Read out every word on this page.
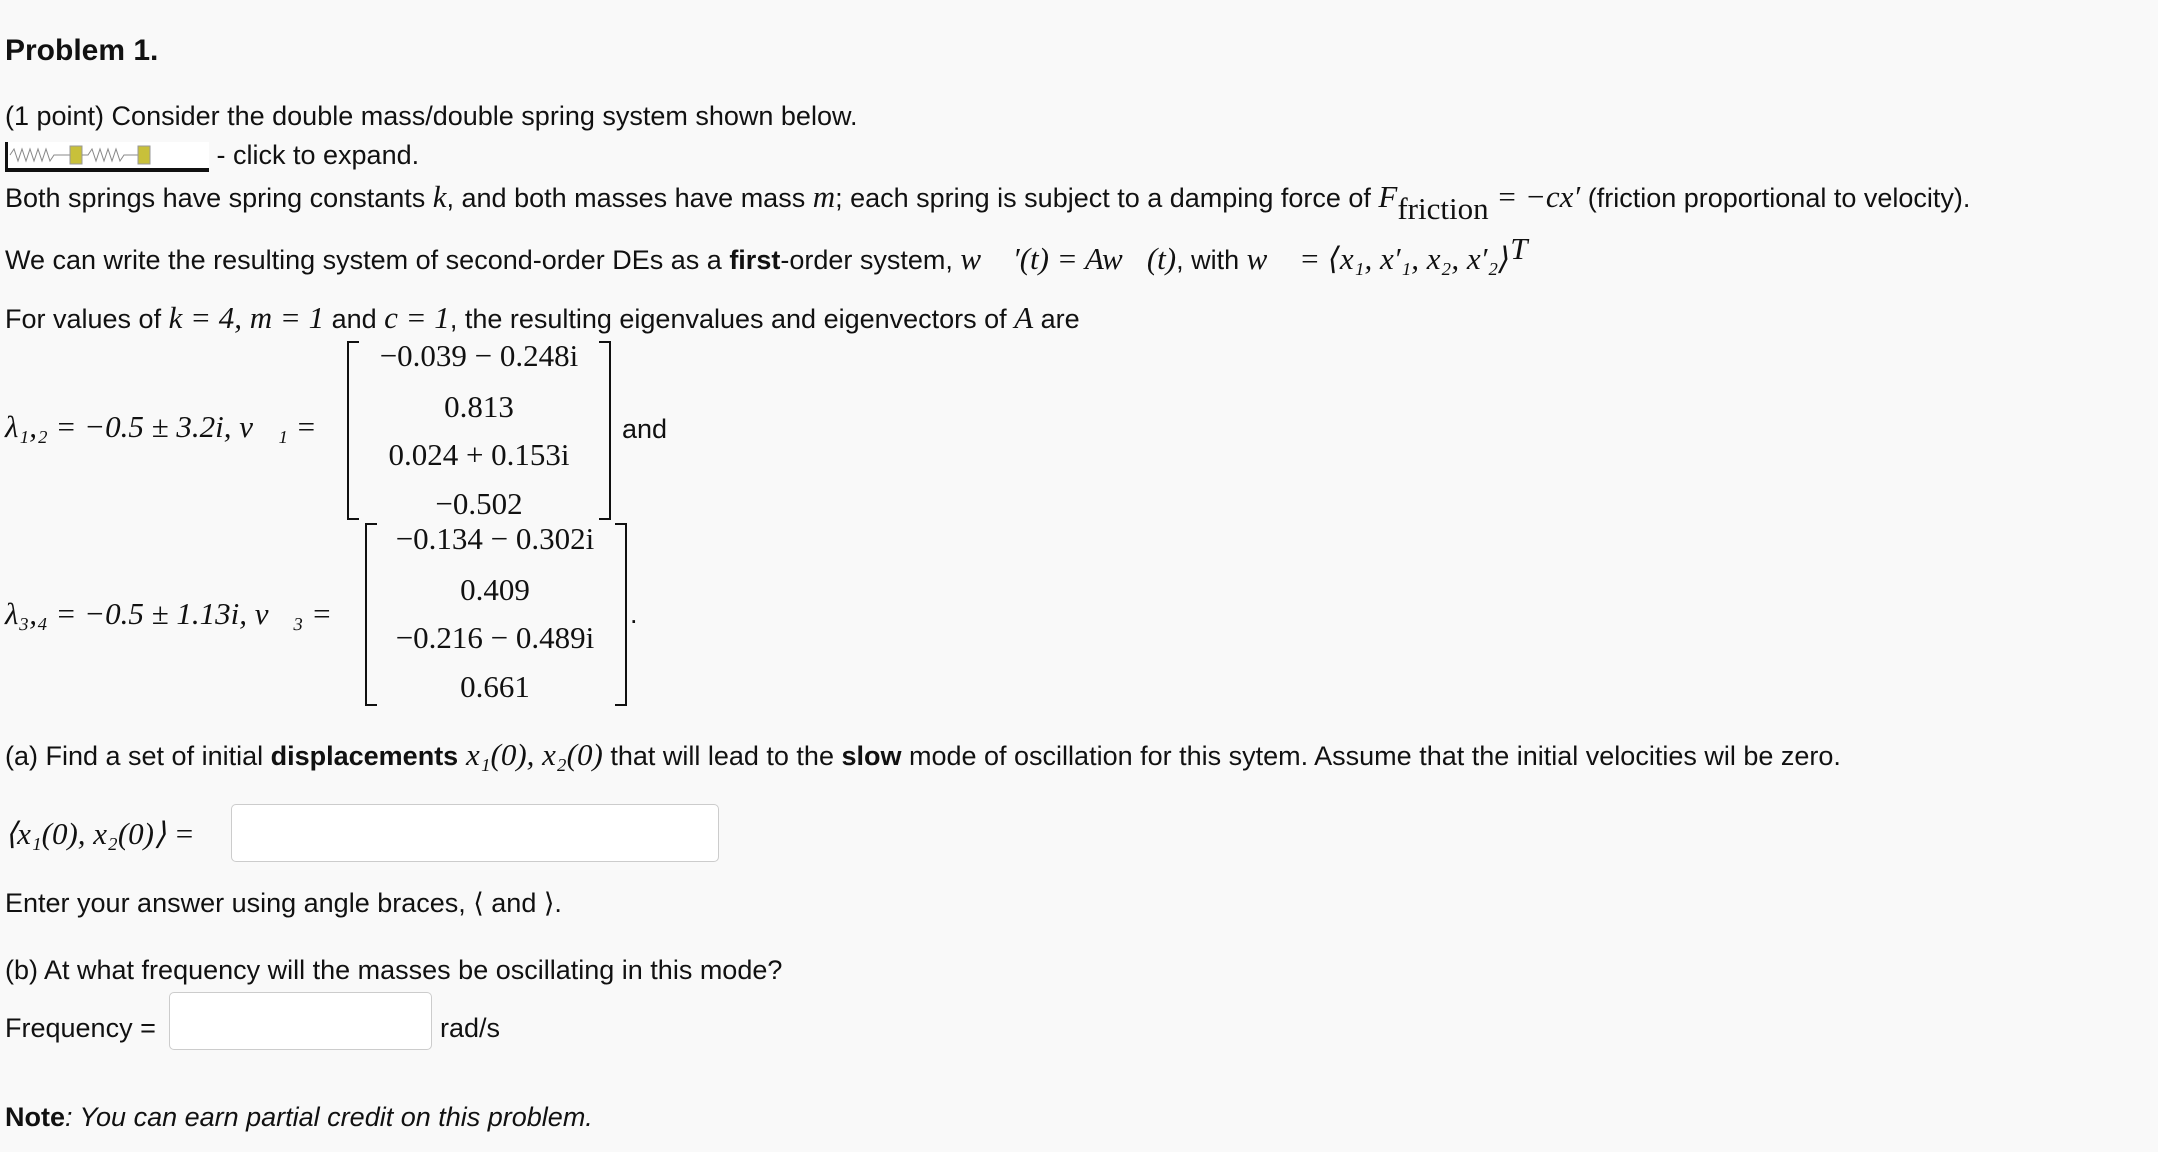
Problem 1.
(1 point) Consider the double mass/double spring system shown below.
- click to expand.
Both springs have spring constants k, and both masses have mass m; each spring is subject to a damping force of $F_{friction} = -cx'$ (friction proportional to velocity).
We can write the resulting system of second-order DEs as a first-order system, w⃗ ′(t) = Aw⃗(t), with w⃗ = ⟨x₁, x′₁, x₂, x′₂⟩$^T$
For values of k = 4, m = 1 and c = 1, the resulting eigenvalues and eigenvectors of A are
λ₁,₂ = −0.5 ± 3.2i, v⃗₁ =
−0.039 − 0.248i
0.813
0.024 + 0.153i
−0.502
and
λ₃,₄ = −0.5 ± 1.13i, v⃗₃ =
−0.134 − 0.302i
0.409
−0.216 − 0.489i
0.661
.
(a) Find a set of initial displacements x₁(0), x₂(0) that will lead to the slow mode of oscillation for this sytem. Assume that the initial velocities wil be zero.
⟨x₁(0), x₂(0)⟩ =
Enter your answer using angle braces, ⟨ and ⟩.
(b) At what frequency will the masses be oscillating in this mode?
Frequency =	rad/s
Note: You can earn partial credit on this problem.
